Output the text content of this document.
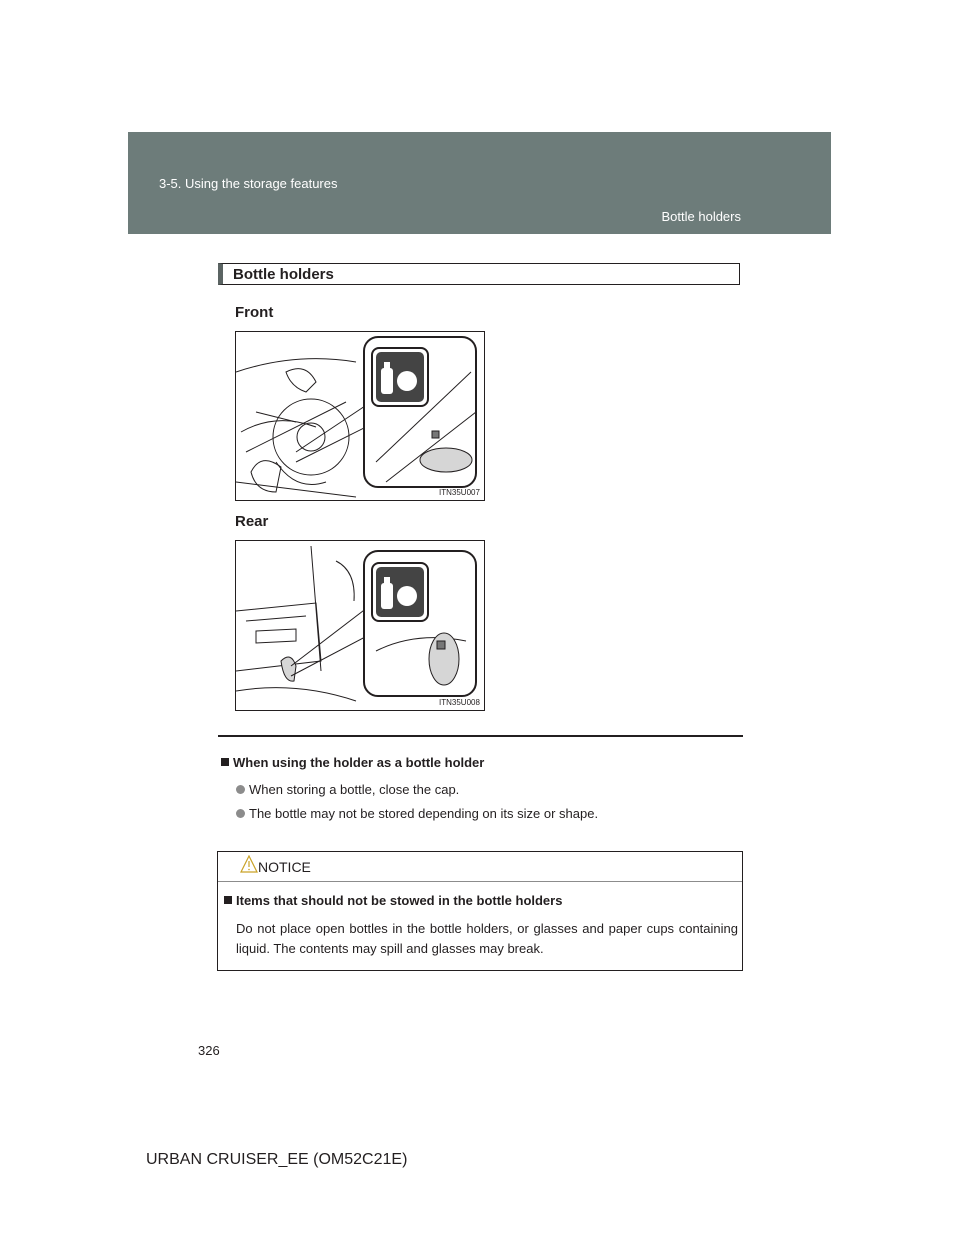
3-5. Using the storage features
Bottle holders
Bottle holders
Front
ITN35U007
Rear
ITN35U008
When using the holder as a bottle holder
When storing a bottle, close the cap.
The bottle may not be stored depending on its size or shape.
NOTICE
Items that should not be stowed in the bottle holders
Do not place open bottles in the bottle holders, or glasses and paper cups containing liquid. The contents may spill and glasses may break.
326
URBAN CRUISER_EE (OM52C21E)
